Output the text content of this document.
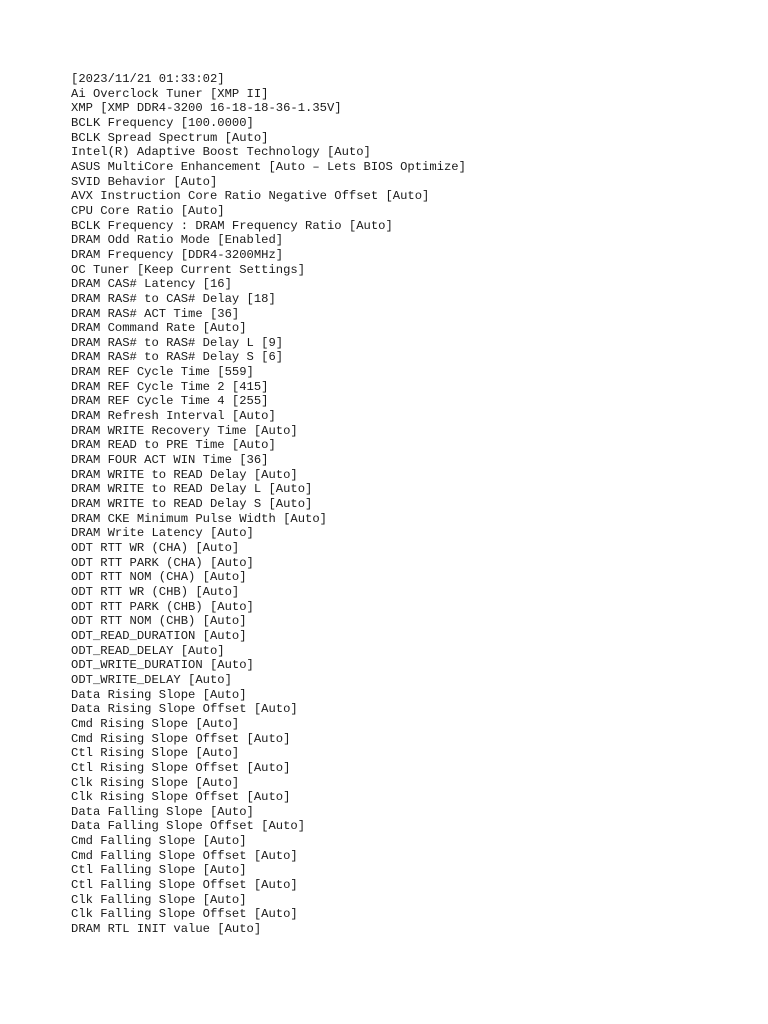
[2023/11/21 01:33:02]
Ai Overclock Tuner [XMP II]
XMP [XMP DDR4-3200 16-18-18-36-1.35V]
BCLK Frequency [100.0000]
BCLK Spread Spectrum [Auto]
Intel(R) Adaptive Boost Technology [Auto]
ASUS MultiCore Enhancement [Auto – Lets BIOS Optimize]
SVID Behavior [Auto]
AVX Instruction Core Ratio Negative Offset [Auto]
CPU Core Ratio [Auto]
BCLK Frequency : DRAM Frequency Ratio [Auto]
DRAM Odd Ratio Mode [Enabled]
DRAM Frequency [DDR4-3200MHz]
OC Tuner [Keep Current Settings]
DRAM CAS# Latency [16]
DRAM RAS# to CAS# Delay [18]
DRAM RAS# ACT Time [36]
DRAM Command Rate [Auto]
DRAM RAS# to RAS# Delay L [9]
DRAM RAS# to RAS# Delay S [6]
DRAM REF Cycle Time [559]
DRAM REF Cycle Time 2 [415]
DRAM REF Cycle Time 4 [255]
DRAM Refresh Interval [Auto]
DRAM WRITE Recovery Time [Auto]
DRAM READ to PRE Time [Auto]
DRAM FOUR ACT WIN Time [36]
DRAM WRITE to READ Delay [Auto]
DRAM WRITE to READ Delay L [Auto]
DRAM WRITE to READ Delay S [Auto]
DRAM CKE Minimum Pulse Width [Auto]
DRAM Write Latency [Auto]
ODT RTT WR (CHA) [Auto]
ODT RTT PARK (CHA) [Auto]
ODT RTT NOM (CHA) [Auto]
ODT RTT WR (CHB) [Auto]
ODT RTT PARK (CHB) [Auto]
ODT RTT NOM (CHB) [Auto]
ODT_READ_DURATION [Auto]
ODT_READ_DELAY [Auto]
ODT_WRITE_DURATION [Auto]
ODT_WRITE_DELAY [Auto]
Data Rising Slope [Auto]
Data Rising Slope Offset [Auto]
Cmd Rising Slope [Auto]
Cmd Rising Slope Offset [Auto]
Ctl Rising Slope [Auto]
Ctl Rising Slope Offset [Auto]
Clk Rising Slope [Auto]
Clk Rising Slope Offset [Auto]
Data Falling Slope [Auto]
Data Falling Slope Offset [Auto]
Cmd Falling Slope [Auto]
Cmd Falling Slope Offset [Auto]
Ctl Falling Slope [Auto]
Ctl Falling Slope Offset [Auto]
Clk Falling Slope [Auto]
Clk Falling Slope Offset [Auto]
DRAM RTL INIT value [Auto]
